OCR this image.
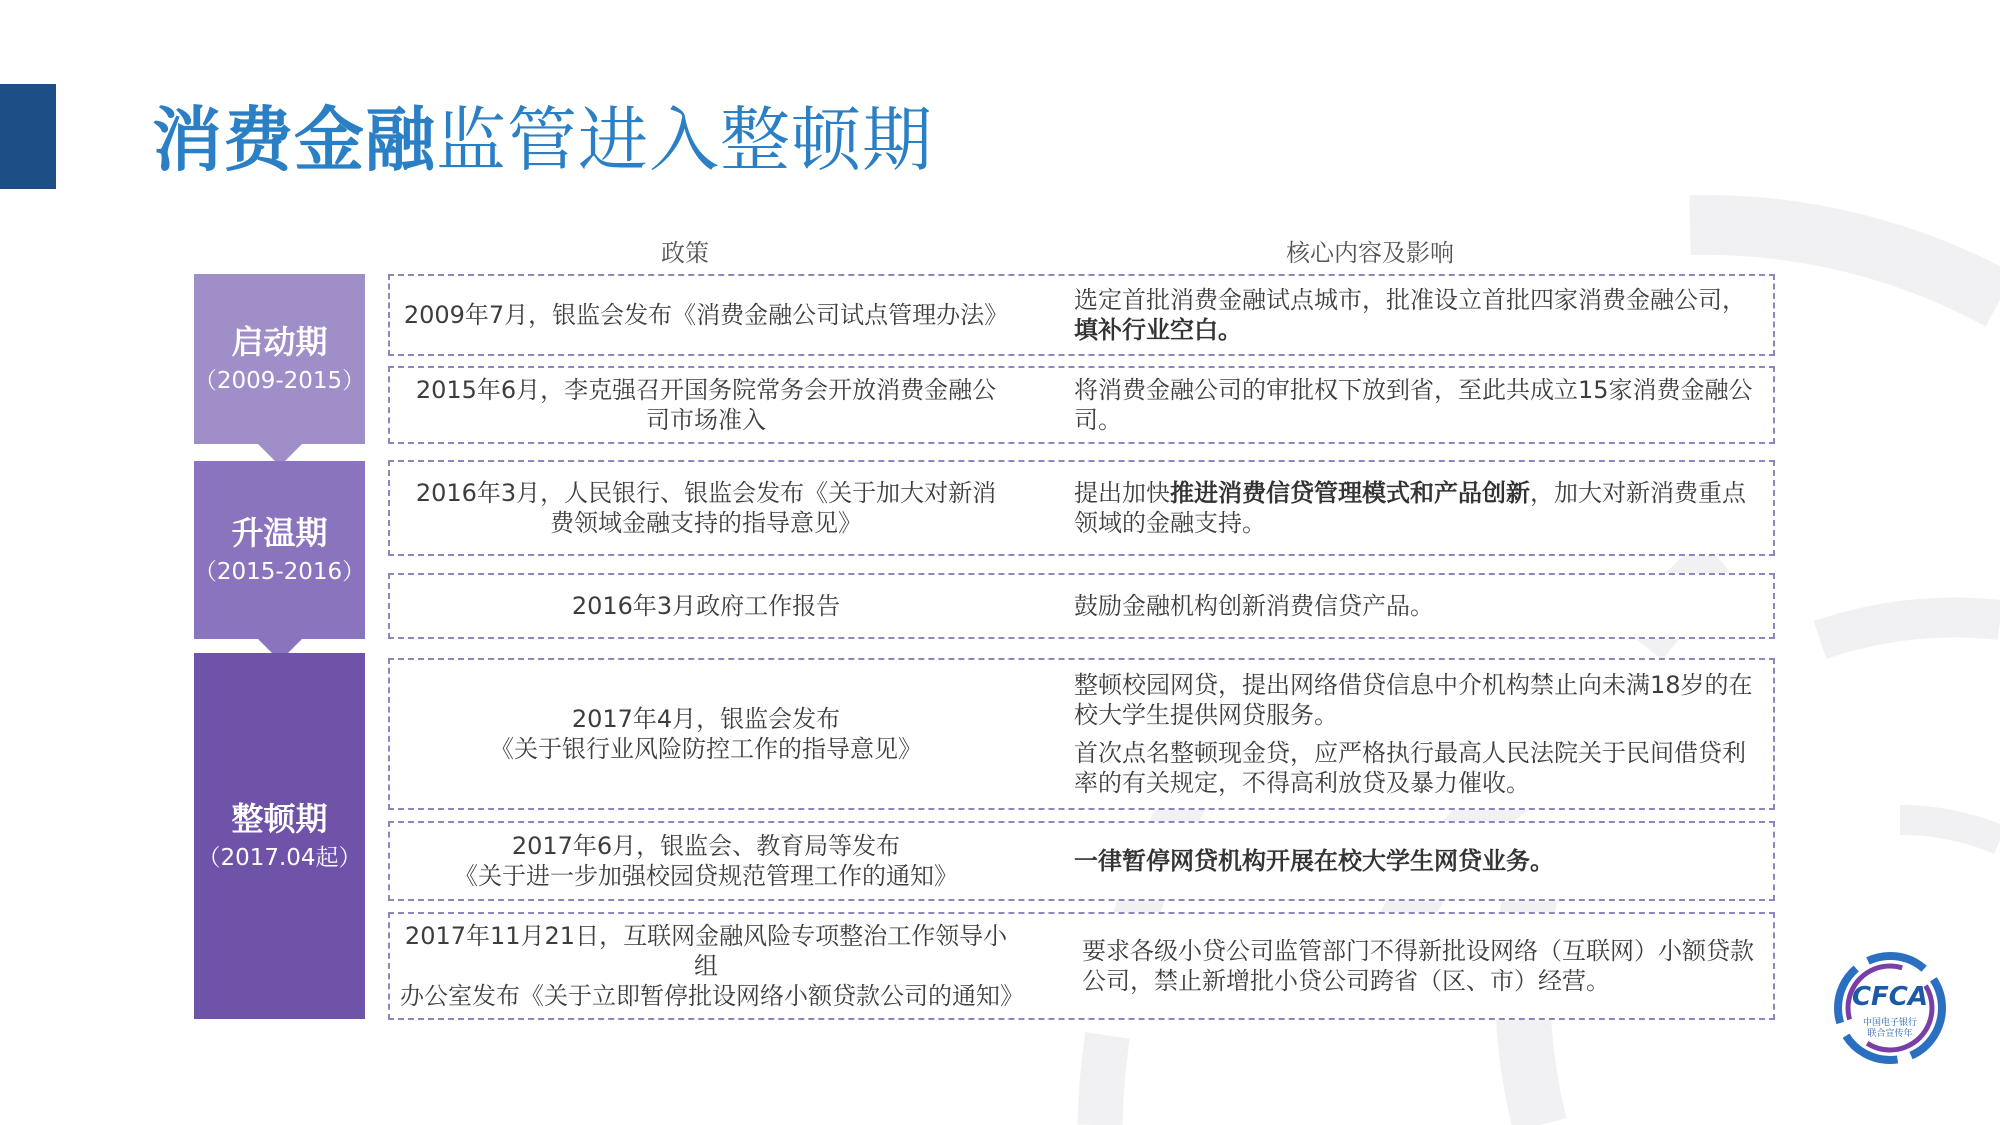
消费金融监管进入整顿期
政策	核心内容及影响
启动期
（2009-2015）
升温期
（2015-2016）
整顿期
（2017.04起）
2009年7月，银监会发布《消费金融公司试点管理办法》
选定首批消费金融试点城市，批准设立首批四家消费金融公司，填补行业空白。
2015年6月，李克强召开国务院常务会开放消费金融公
司市场准入
将消费金融公司的审批权下放到省，至此共成立15家消费金融公司。
2016年3月，人民银行、银监会发布《关于加大对新消
费领域金融支持的指导意见》
提出加快推进消费信贷管理模式和产品创新，加大对新消费重点领域的金融支持。
2016年3月政府工作报告	鼓励金融机构创新消费信贷产品。
2017年4月，银监会发布
《关于银行业风险防控工作的指导意见》
整顿校园网贷，提出网络借贷信息中介机构禁止向未满18岁的在校大学生提供网贷服务。
首次点名整顿现金贷，应严格执行最高人民法院关于民间借贷利率的有关规定，不得高利放贷及暴力催收。
2017年6月，银监会、教育局等发布
《关于进一步加强校园贷规范管理工作的通知》
一律暂停网贷机构开展在校大学生网贷业务。
2017年11月21日，互联网金融风险专项整治工作领导小组
办公室发布《关于立即暂停批设网络小额贷款公司的通知》
要求各级小贷公司监管部门不得新批设网络（互联网）小额贷款公司，禁止新增批小贷公司跨省（区、市）经营。
CFCA
中国电子银行
联合宣传年
